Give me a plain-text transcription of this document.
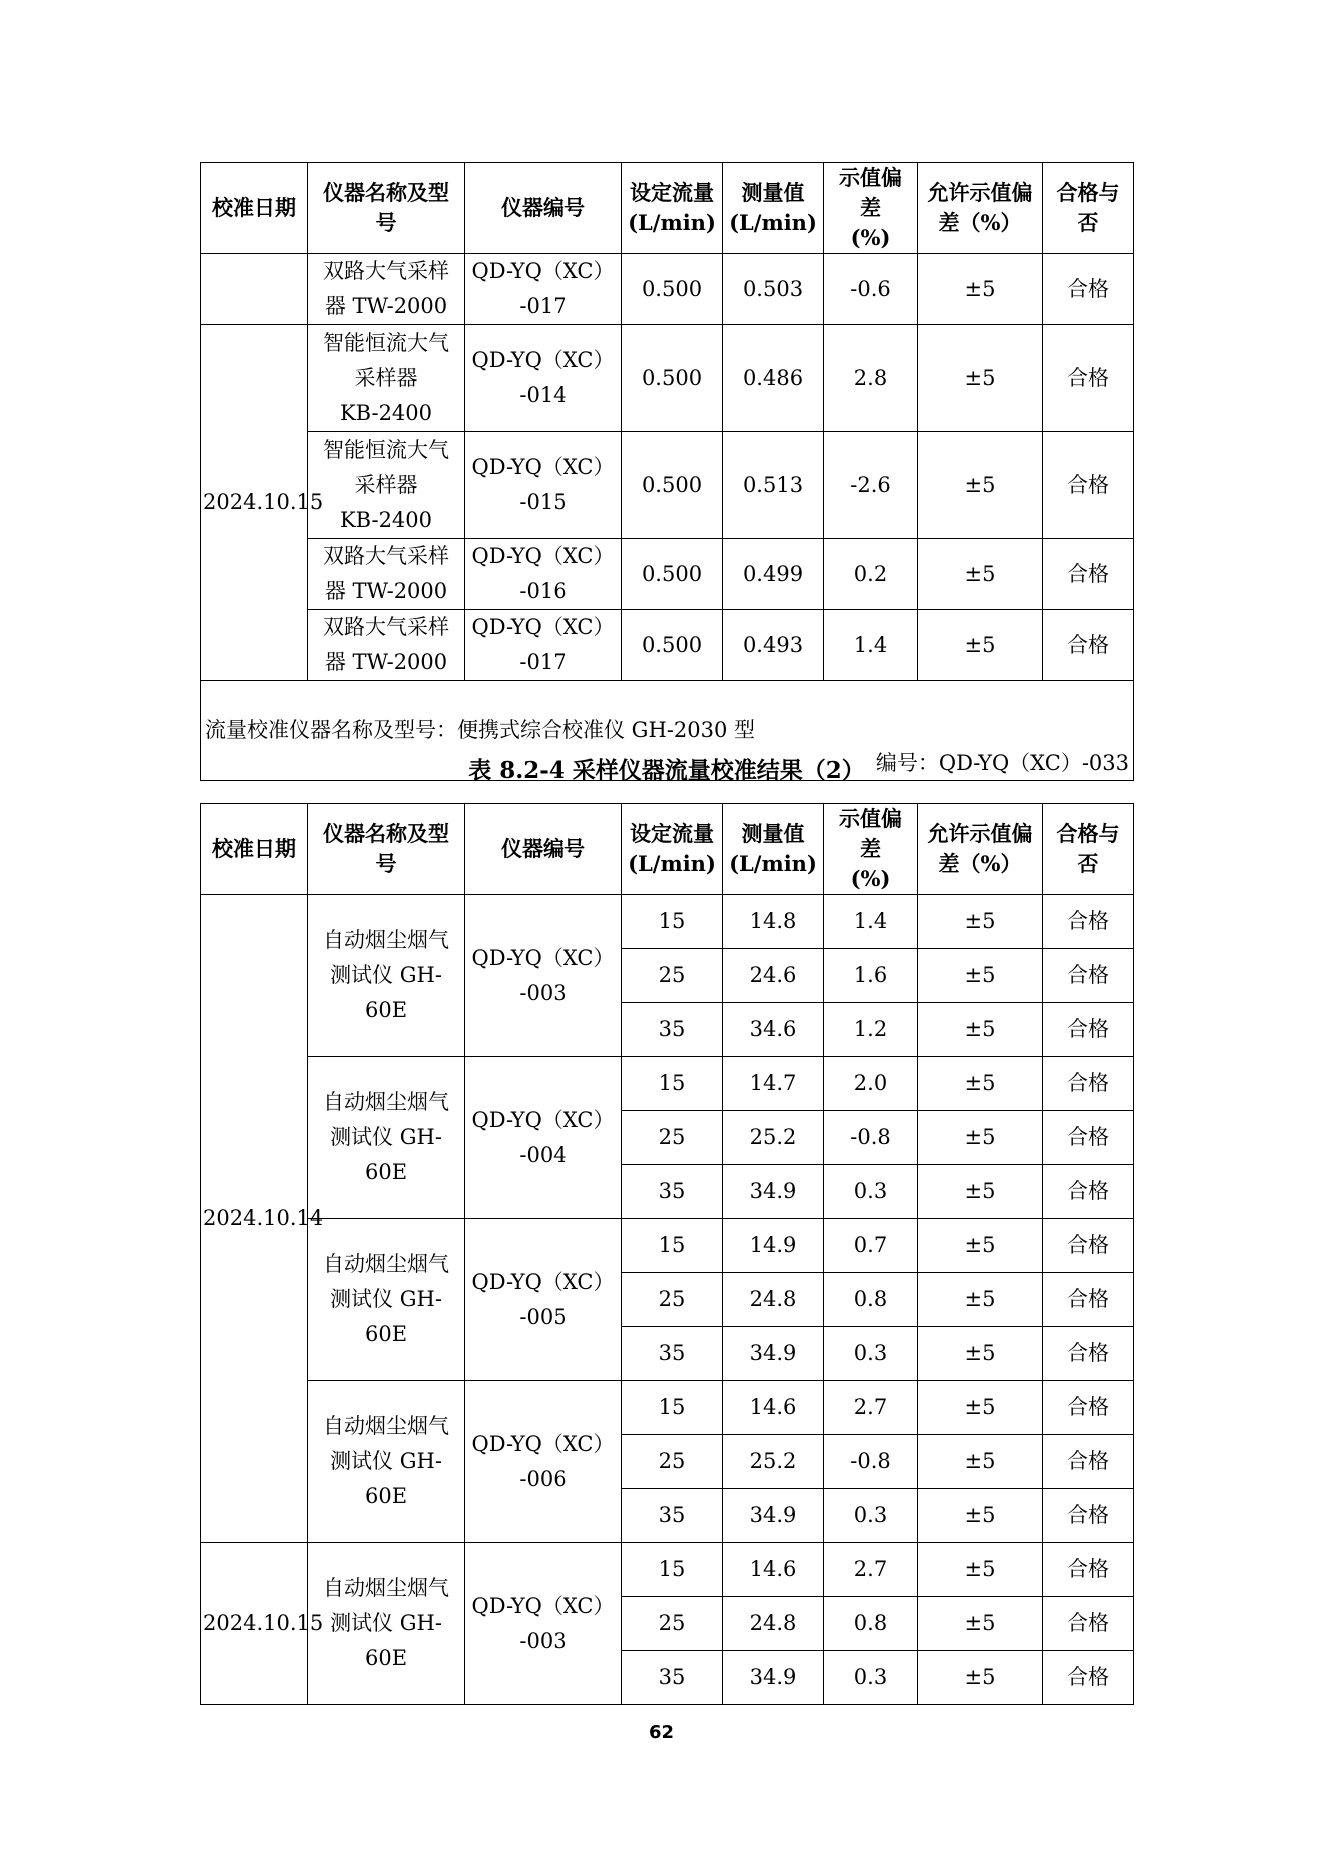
校准日期	仪器名称及型
号	仪器编号	设定流量
(L/min)	测量值
(L/min)	示值偏
差
(%)	允许示值偏
差（%）	合格与
否
	双路大气采样
器 TW-2000	QD-YQ（XC）
-017	0.500	0.503	-0.6	±5	合格
2024.10.15	智能恒流大气
采样器
KB-2400	QD-YQ（XC）
-014	0.500	0.486	2.8	±5	合格
	智能恒流大气
采样器
KB-2400	QD-YQ（XC）
-015	0.500	0.513	-2.6	±5	合格
	双路大气采样
器 TW-2000	QD-YQ（XC）
-016	0.500	0.499	0.2	±5	合格
	双路大气采样
器 TW-2000	QD-YQ（XC）
-017	0.500	0.493	1.4	±5	合格

流量校准仪器名称及型号：便携式综合校准仪 GH-2030 型

编号：QD-YQ（XC）-033							

表 8.2-4 采样仪器流量校准结果（2）
校准日期	仪器名称及型
号	仪器编号	设定流量
(L/min)	测量值
(L/min)	示值偏
差
(%)	允许示值偏
差（%）	合格与
否
2024.10.14	自动烟尘烟气
测试仪 GH-60E	QD-YQ（XC）
-003	15	14.8	1.4	±5	合格
			25	24.6	1.6	±5	合格
			35	34.6	1.2	±5	合格
	自动烟尘烟气
测试仪 GH-60E	QD-YQ（XC）
-004	15	14.7	2.0	±5	合格
			25	25.2	-0.8	±5	合格
			35	34.9	0.3	±5	合格
	自动烟尘烟气
测试仪 GH-60E	QD-YQ（XC）
-005	15	14.9	0.7	±5	合格
			25	24.8	0.8	±5	合格
			35	34.9	0.3	±5	合格
	自动烟尘烟气
测试仪 GH-60E	QD-YQ（XC）
-006	15	14.6	2.7	±5	合格
			25	25.2	-0.8	±5	合格
			35	34.9	0.3	±5	合格
2024.10.15	自动烟尘烟气
测试仪 GH-60E	QD-YQ（XC）
-003	15	14.6	2.7	±5	合格
			25	24.8	0.8	±5	合格
			35	34.9	0.3	±5	合格
62
